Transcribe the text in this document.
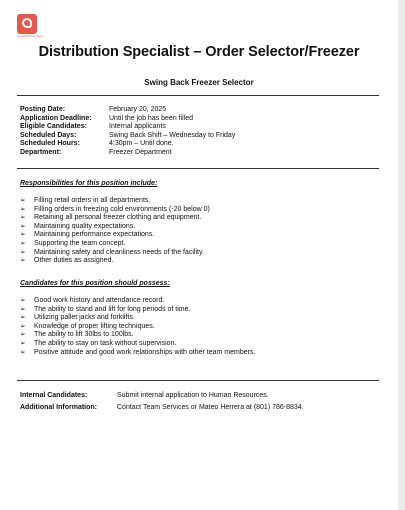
Associated Food Stores
Distribution Specialist – Order Selector/Freezer
Swing Back Freezer Selector
Posting Date:	February 20, 2025
Application Deadline:	Until the job has been filled
Eligible Candidates:	Internal applicants
Scheduled Days:	Swing Back Shift – Wednesday to Friday
Scheduled Hours:	4:30pm – Until done.
Department:	Freezer Department
Responsibilities for this position include:
➢ Filling retail orders in all departments.
➢ Filling orders in freezing cold environments (-20 below 0)
➢ Retaining all personal freezer clothing and equipment.
➢ Maintaining quality expectations.
➢ Maintaining performance expectations.
➢ Supporting the team concept.
➢ Maintaining safety and cleanliness needs of the facility.
➢ Other duties as assigned.
Candidates for this position should possess:
➢ Good work history and attendance record.
➢ The ability to stand and lift for long periods of time.
➢ Utilizing pallet jacks and forklifts.
➢ Knowledge of proper lifting techniques.
➢ The ability to lift 30lbs to 100lbs.
➢ The ability to stay on task without supervision.
➢ Positive attitude and good work relationships with other team members.
Internal Candidates:	Submit internal application to Human Resources.
Additional Information:	Contact Team Services or Mateo Herrera at (801) 786-8834.
